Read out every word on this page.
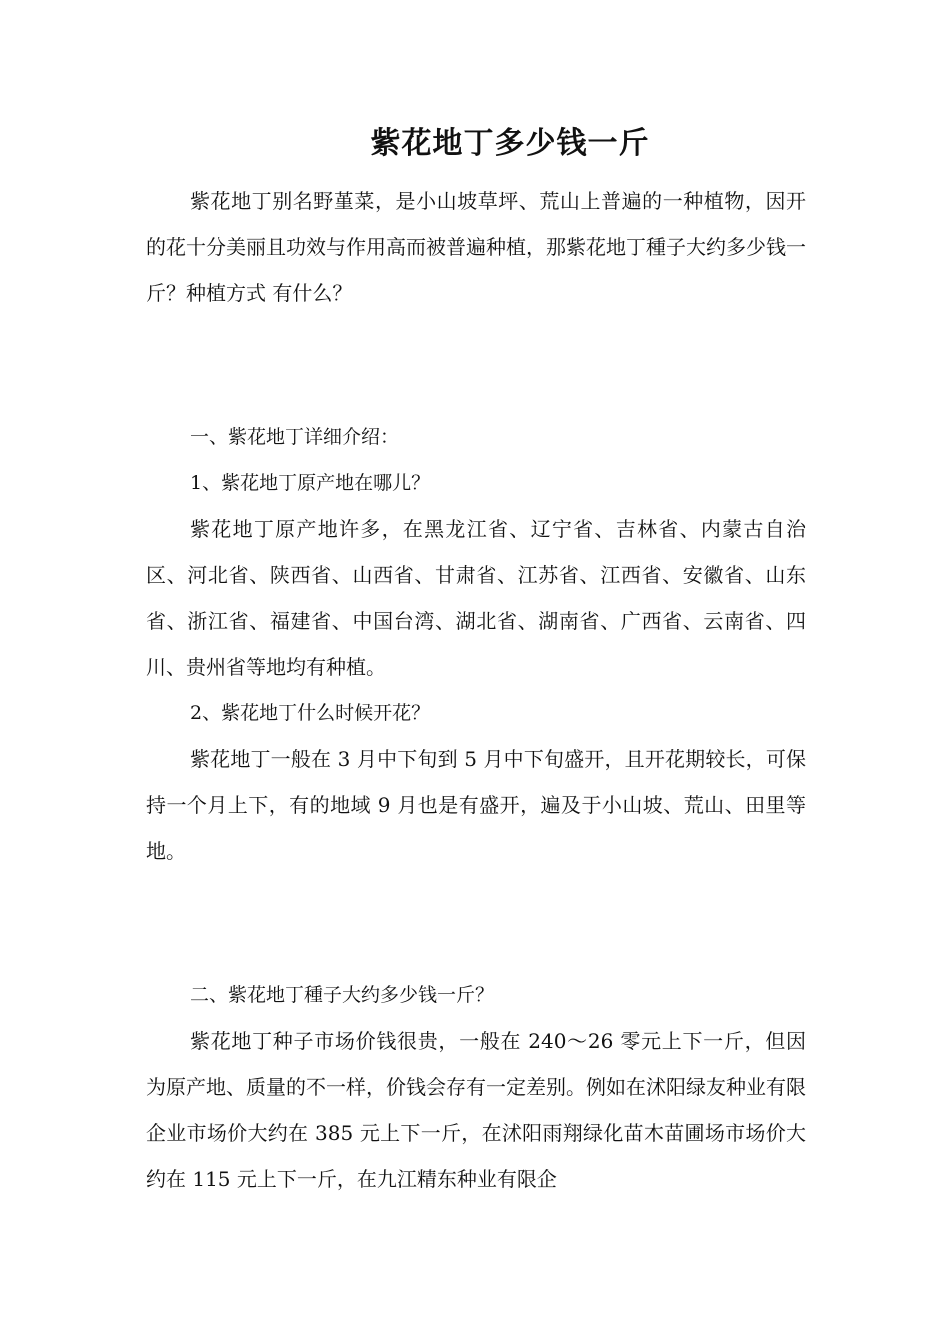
紫花地丁多少钱一斤

紫花地丁别名野堇菜，是小山坡草坪、荒山上普遍的一种植物，因开的花十分美丽且功效与作用高而被普遍种植，那紫花地丁種子大约多少钱一斤？种植方式 有什么？

一、紫花地丁详细介绍：

1、紫花地丁原产地在哪儿？

紫花地丁原产地许多，在黑龙江省、辽宁省、吉林省、内蒙古自治区、河北省、陕西省、山西省、甘肃省、江苏省、江西省、安徽省、山东省、浙江省、福建省、中国台湾、湖北省、湖南省、广西省、云南省、四川、贵州省等地均有种植。

2、紫花地丁什么时候开花？

紫花地丁一般在 3 月中下旬到 5 月中下旬盛开，且开花期较长，可保持一个月上下，有的地域 9 月也是有盛开，遍及于小山坡、荒山、田里等地。

二、紫花地丁種子大约多少钱一斤？

紫花地丁种子市场价钱很贵，一般在 240～26 零元上下一斤，但因为原产地、质量的不一样，价钱会存有一定差别。例如在沭阳绿友种业有限企业市场价大约在 385 元上下一斤，在沭阳雨翔绿化苗木苗圃场市场价大约在 115 元上下一斤，在九江精东种业有限企
